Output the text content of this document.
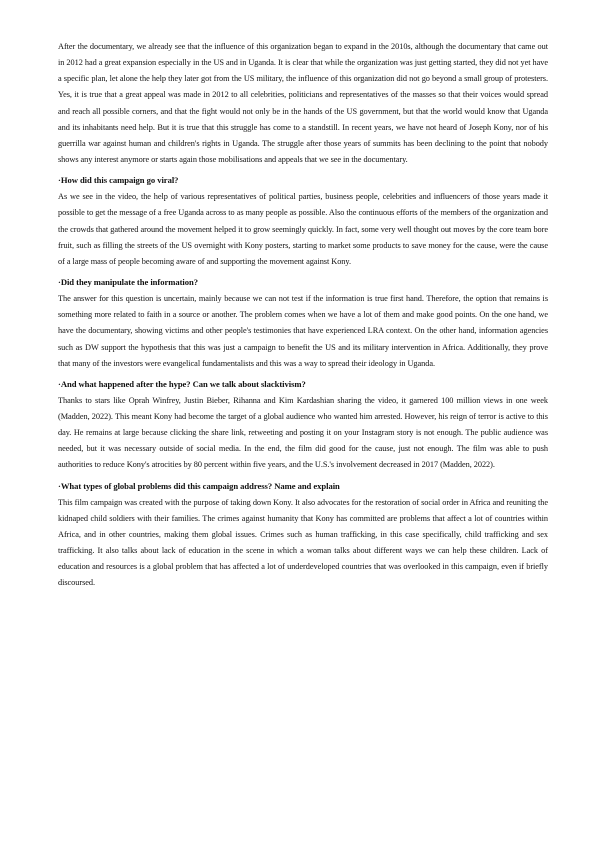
After the documentary, we already see that the influence of this organization began to expand in the 2010s, although the documentary that came out in 2012 had a great expansion especially in the US and in Uganda. It is clear that while the organization was just getting started, they did not yet have a specific plan, let alone the help they later got from the US military, the influence of this organization did not go beyond a small group of protesters. Yes, it is true that a great appeal was made in 2012 to all celebrities, politicians and representatives of the masses so that their voices would spread and reach all possible corners, and that the fight would not only be in the hands of the US government, but that the world would know that Uganda and its inhabitants need help. But it is true that this struggle has come to a standstill. In recent years, we have not heard of Joseph Kony, nor of his guerrilla war against human and children's rights in Uganda. The struggle after those years of summits has been declining to the point that nobody shows any interest anymore or starts again those mobilisations and appeals that we see in the documentary.

·How did this campaign go viral?

As we see in the video, the help of various representatives of political parties, business people, celebrities and influencers of those years made it possible to get the message of a free Uganda across to as many people as possible. Also the continuous efforts of the members of the organization and the crowds that gathered around the movement helped it to grow seemingly quickly. In fact, some very well thought out moves by the core team bore fruit, such as filling the streets of the US overnight with Kony posters, starting to market some products to save money for the cause, were the cause of a large mass of people becoming aware of and supporting the movement against Kony.

·Did they manipulate the information?

The answer for this question is uncertain, mainly because we can not test if the information is true first hand. Therefore, the option that remains is something more related to faith in a source or another. The problem comes when we have a lot of them and make good points. On the one hand, we have the documentary, showing victims and other people's testimonies that have experienced LRA context. On the other hand, information agencies such as DW support the hypothesis that this was just a campaign to benefit the US and its military intervention in Africa. Additionally, they prove that many of the investors were evangelical fundamentalists and this was a way to spread their ideology in Uganda.

·And what happened after the hype? Can we talk about slacktivism?

Thanks to stars like Oprah Winfrey, Justin Bieber, Rihanna and Kim Kardashian sharing the video, it garnered 100 million views in one week (Madden, 2022). This meant Kony had become the target of a global audience who wanted him arrested. However, his reign of terror is active to this day. He remains at large because clicking the share link, retweeting and posting it on your Instagram story is not enough. The public audience was needed, but it was necessary outside of social media. In the end, the film did good for the cause, just not enough. The film was able to push authorities to reduce Kony's atrocities by 80 percent within five years, and the U.S.'s involvement decreased in 2017 (Madden, 2022).

·What types of global problems did this campaign address? Name and explain

This film campaign was created with the purpose of taking down Kony. It also advocates for the restoration of social order in Africa and reuniting the kidnaped child soldiers with their families. The crimes against humanity that Kony has committed are problems that affect a lot of countries within Africa, and in other countries, making them global issues. Crimes such as human trafficking, in this case specifically, child trafficking and sex trafficking. It also talks about lack of education in the scene in which a woman talks about different ways we can help these children. Lack of education and resources is a global problem that has affected a lot of underdeveloped countries that was overlooked in this campaign, even if briefly discoursed.
